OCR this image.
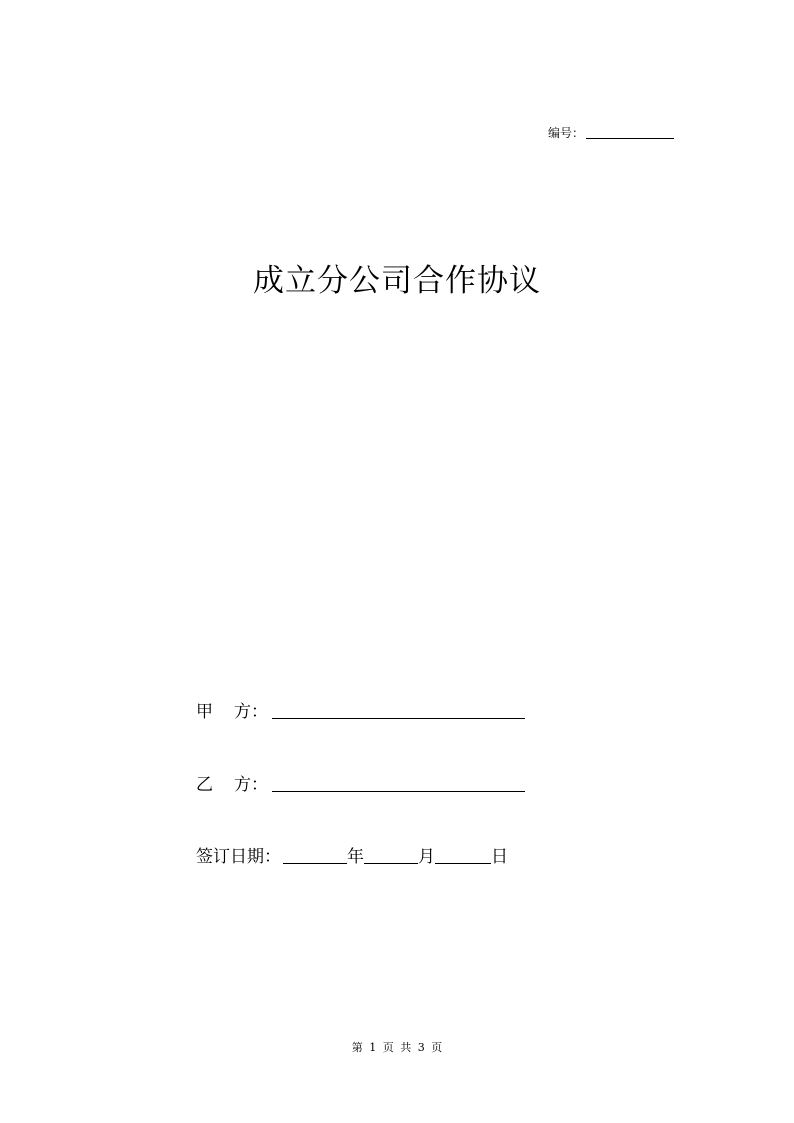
编号：
成立分公司合作协议
甲 方：
乙 方：
签订日期：	年	月	日
第 1 页 共 3 页
